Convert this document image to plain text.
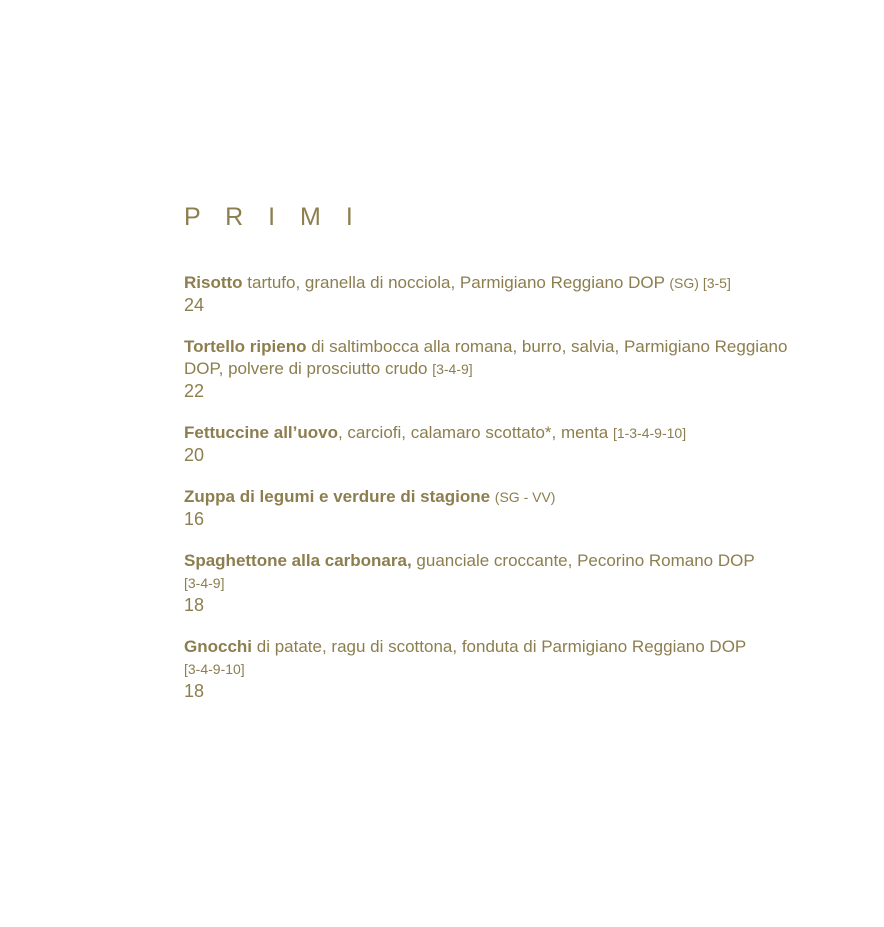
P R I M I
Risotto tartufo, granella di nocciola, Parmigiano Reggiano DOP (SG) [3-5]
24
Tortello ripieno di saltimbocca alla romana, burro, salvia, Parmigiano Reggiano DOP, polvere di prosciutto crudo [3-4-9]
22
Fettuccine all’uovo, carciofi, calamaro scottato*, menta [1-3-4-9-10]
20
Zuppa di legumi e verdure di stagione (SG - VV)
16
Spaghettone alla carbonara, guanciale croccante, Pecorino Romano DOP
[3-4-9]
18
Gnocchi di patate, ragu di scottona, fonduta di Parmigiano Reggiano DOP
[3-4-9-10]
18
